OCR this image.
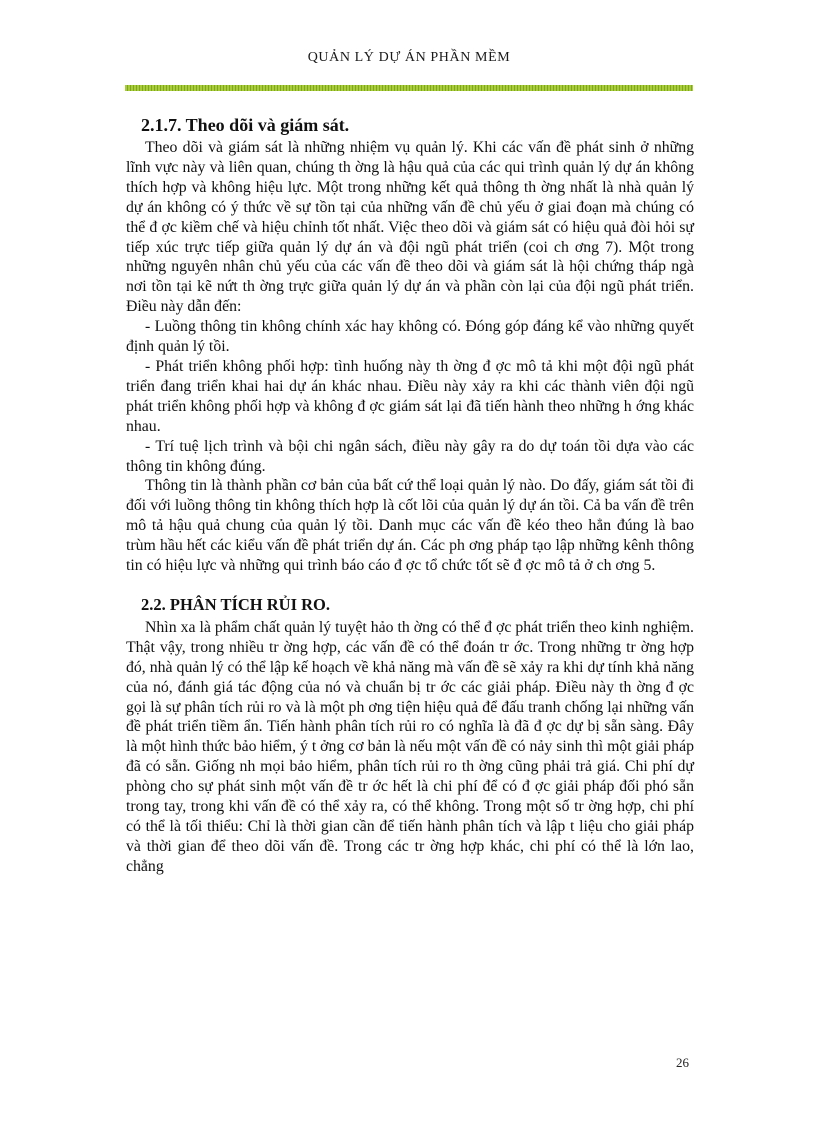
QUẢN LÝ DỰ ÁN PHẦN MỀM
2.1.7. Theo dõi và giám sát.

Theo dõi và giám sát là những nhiệm vụ quản lý. Khi các vấn đề phát sinh ở những lĩnh vực này và liên quan, chúng th ờng là hậu quả của các qui trình quản lý dự án không thích hợp và không hiệu lực. Một trong những kết quả thông th ờng nhất là nhà quản lý dự án không có ý thức về sự tồn tại của những vấn đề chủ yếu ở giai đoạn mà chúng có thể đ ợc kiềm chế và hiệu chỉnh tốt nhất. Việc theo dõi và giám sát có hiệu quả đòi hỏi sự tiếp xúc trực tiếp giữa quản lý dự án và đội ngũ phát triển (coi ch ơng 7). Một trong những nguyên nhân chủ yếu của các vấn đề theo dõi và giám sát là hội chứng tháp ngà nơi tồn tại kẽ nứt th ờng trực giữa quản lý dự án và phần còn lại của đội ngũ phát triển. Điều này dẫn đến:

- Luồng thông tin không chính xác hay không có. Đóng góp đáng kể vào những quyết định quản lý tồi.

- Phát triển không phối hợp: tình huống này th ờng đ ợc mô tả khi một đội ngũ phát triển đang triển khai hai dự án khác nhau. Điều này xảy ra khi các thành viên đội ngũ phát triển không phối hợp và không đ ợc giám sát lại đã tiến hành theo những h ớng khác nhau.

- Trí tuệ lịch trình và bội chi ngân sách, điều này gây ra do dự toán tồi dựa vào các thông tin không đúng.

Thông tin là thành phần cơ bản của bất cứ thể loại quản lý nào. Do đấy, giám sát tồi đi đối với luồng thông tin không thích hợp là cốt lõi của quản lý dự án tồi. Cả ba vấn đề trên mô tả hậu quả chung của quản lý tồi. Danh mục các vấn đề kéo theo hẳn đúng là bao trùm hầu hết các kiểu vấn đề phát triển dự án. Các ph ơng pháp tạo lập những kênh thông tin có hiệu lực và những qui trình báo cáo đ ợc tổ chức tốt sẽ đ ợc mô tả ở ch ơng 5.

2.2. PHÂN TÍCH RỦI RO.

Nhìn xa là phẩm chất quản lý tuyệt hảo th ờng có thể đ ợc phát triển theo kinh nghiệm. Thật vậy, trong nhiều tr ờng hợp, các vấn đề có thể đoán tr ớc. Trong những tr ờng hợp đó, nhà quản lý có thể lập kế hoạch về khả năng mà vấn đề sẽ xảy ra khi dự tính khả năng của nó, đánh giá tác động của nó và chuẩn bị tr ớc các giải pháp. Điều này th ờng đ ợc gọi là sự phân tích rủi ro và là một ph ơng tiện hiệu quả để đấu tranh chống lại những vấn đề phát triển tiềm ẩn. Tiến hành phân tích rủi ro có nghĩa là đã đ ợc dự bị sẵn sàng. Đây là một hình thức bảo hiểm, ý t ởng cơ bản là nếu một vấn đề có nảy sinh thì một giải pháp đã có sẵn. Giống nh mọi bảo hiểm, phân tích rủi ro th ờng cũng phải trả giá. Chi phí dự phòng cho sự phát sinh một vấn đề tr ớc hết là chi phí để có đ ợc giải pháp đối phó sẵn trong tay, trong khi vấn đề có thể xảy ra, có thể không. Trong một số tr ờng hợp, chi phí có thể là tối thiểu: Chỉ là thời gian cần để tiến hành phân tích và lập t liệu cho giải pháp và thời gian để theo dõi vấn đề. Trong các tr ờng hợp khác, chi phí có thể là lớn lao, chẳng

26
